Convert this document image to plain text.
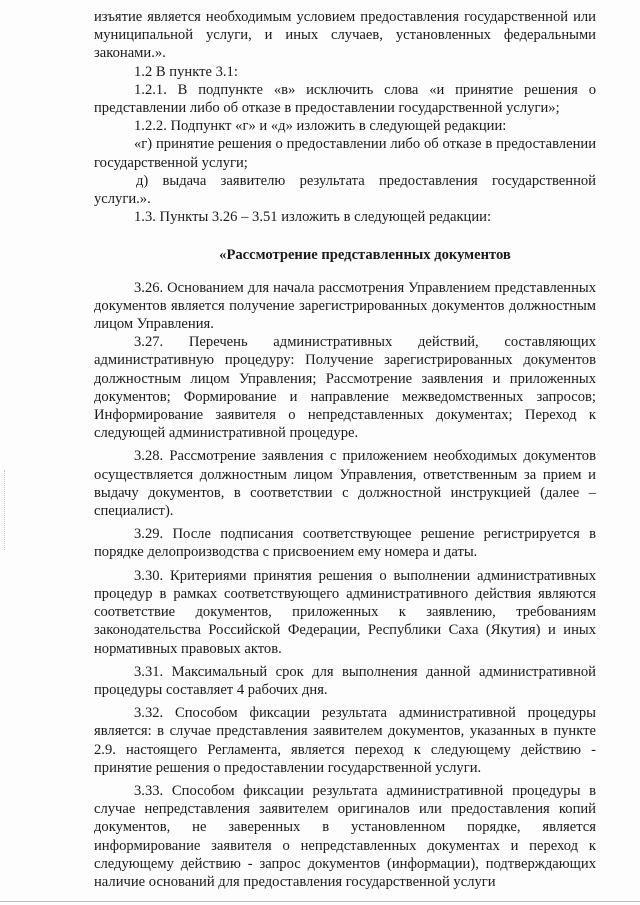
изъятие является необходимым условием предоставления государственной или муниципальной услуги, и иных случаев, установленных федеральными законами.».

1.2 В пункте 3.1:

1.2.1. В подпункте «в» исключить слова «и принятие решения о представлении либо об отказе в предоставлении государственной услуги»;

1.2.2. Подпункт «г» и «д» изложить в следующей редакции:

«г) принятие решения о предоставлении либо об отказе в предоставлении государственной услуги;

д) выдача заявителю результата предоставления государственной услуги.».

1.3. Пункты 3.26 – 3.51 изложить в следующей редакции:

«Рассмотрение представленных документов

3.26. Основанием для начала рассмотрения Управлением представленных документов является получение зарегистрированных документов должностным лицом Управления.

3.27. Перечень административных действий, составляющих административную процедуру: Получение зарегистрированных документов должностным лицом Управления; Рассмотрение заявления и приложенных документов; Формирование и направление межведомственных запросов; Информирование заявителя о непредставленных документах; Переход к следующей административной процедуре.

3.28. Рассмотрение заявления с приложением необходимых документов осуществляется должностным лицом Управления, ответственным за прием и выдачу документов, в соответствии с должностной инструкцией (далее – специалист).

3.29. После подписания соответствующее решение регистрируется в порядке делопроизводства с присвоением ему номера и даты.

3.30. Критериями принятия решения о выполнении административных процедур в рамках соответствующего административного действия являются соответствие документов, приложенных к заявлению, требованиям законодательства Российской Федерации, Республики Саха (Якутия) и иных нормативных правовых актов.

3.31. Максимальный срок для выполнения данной административной процедуры составляет 4 рабочих дня.

3.32. Способом фиксации результата административной процедуры является: в случае представления заявителем документов, указанных в пункте 2.9. настоящего Регламента, является переход к следующему действию - принятие решения о предоставлении государственной услуги.

3.33. Способом фиксации результата административной процедуры в случае непредставления заявителем оригиналов или предоставления копий документов, не заверенных в установленном порядке, является информирование заявителя о непредставленных документах и переход к следующему действию - запрос документов (информации), подтверждающих наличие оснований для предоставления государственной услуги
